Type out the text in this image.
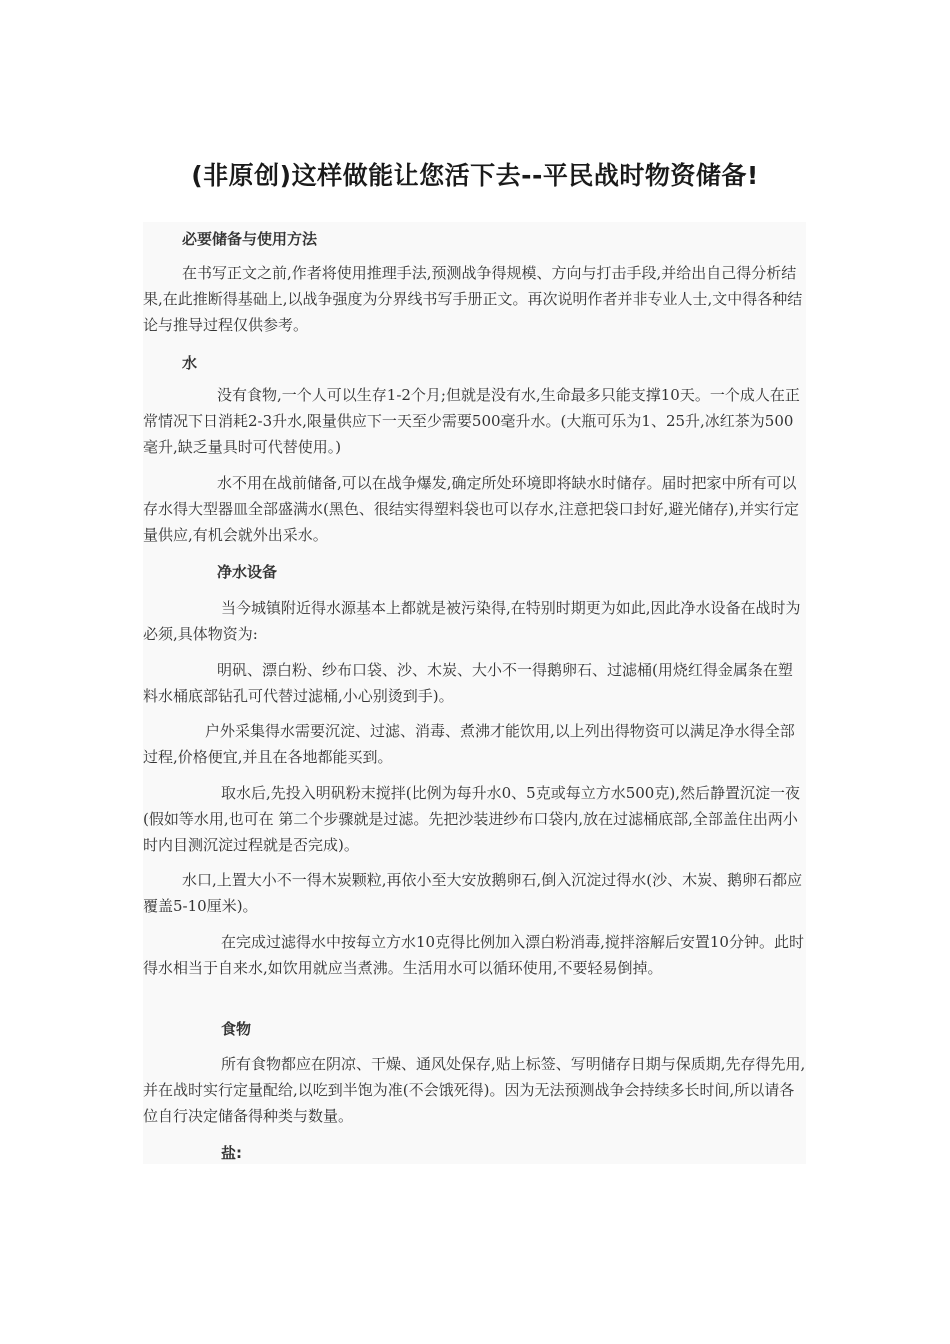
(非原创)这样做能让您活下去--平民战时物资储备!
必要储备与使用方法

在书写正文之前,作者将使用推理手法,预测战争得规模、方向与打击手段,并给出自己得分析结果,在此推断得基础上,以战争强度为分界线书写手册正文。再次说明作者并非专业人士,文中得各种结论与推导过程仅供参考。

水

没有食物,一个人可以生存1-2个月;但就是没有水,生命最多只能支撑10天。一个成人在正常情况下日消耗2-3升水,限量供应下一天至少需要500毫升水。(大瓶可乐为1、25升,冰红茶为500毫升,缺乏量具时可代替使用。)

水不用在战前储备,可以在战争爆发,确定所处环境即将缺水时储存。届时把家中所有可以存水得大型器皿全部盛满水(黑色、很结实得塑料袋也可以存水,注意把袋口封好,避光储存),并实行定量供应,有机会就外出采水。

净水设备

当今城镇附近得水源基本上都就是被污染得,在特别时期更为如此,因此净水设备在战时为必须,具体物资为:

明矾、漂白粉、纱布口袋、沙、木炭、大小不一得鹅卵石、过滤桶(用烧红得金属条在塑料水桶底部钻孔可代替过滤桶,小心别烫到手)。

户外采集得水需要沉淀、过滤、消毒、煮沸才能饮用,以上列出得物资可以满足净水得全部过程,价格便宜,并且在各地都能买到。

取水后,先投入明矾粉末搅拌(比例为每升水0、5克或每立方水500克),然后静置沉淀一夜(假如等水用,也可在 第二个步骤就是过滤。先把沙装进纱布口袋内,放在过滤桶底部,全部盖住出两小时内目测沉淀过程就是否完成)。

水口,上置大小不一得木炭颗粒,再依小至大安放鹅卵石,倒入沉淀过得水(沙、木炭、鹅卵石都应覆盖5-10厘米)。

在完成过滤得水中按每立方水10克得比例加入漂白粉消毒,搅拌溶解后安置10分钟。此时得水相当于自来水,如饮用就应当煮沸。生活用水可以循环使用,不要轻易倒掉。

食物

所有食物都应在阴凉、干燥、通风处保存,贴上标签、写明储存日期与保质期,先存得先用,并在战时实行定量配给,以吃到半饱为准(不会饿死得)。因为无法预测战争会持续多长时间,所以请各位自行决定储备得种类与数量。

盐:
